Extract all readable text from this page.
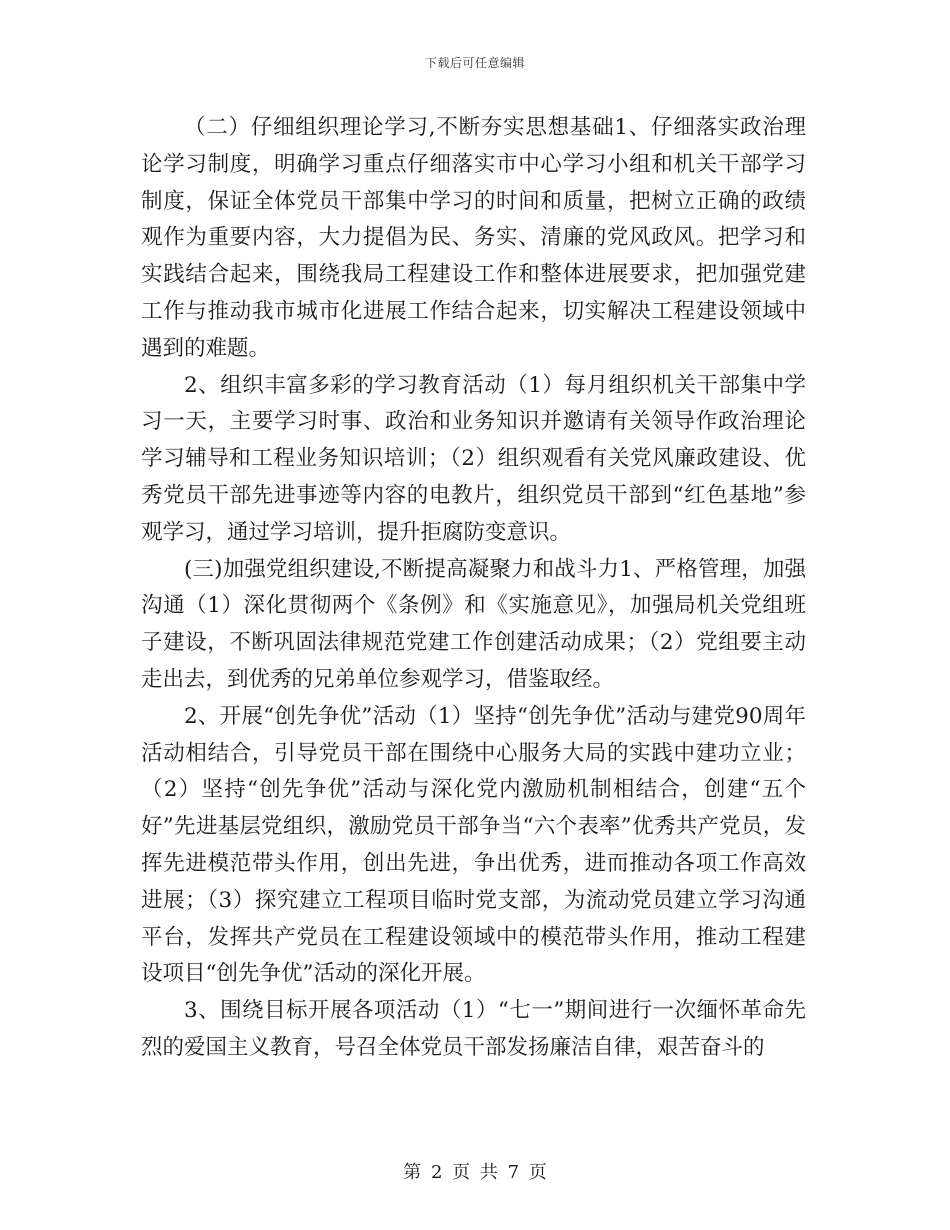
下载后可任意编辑

（二）仔细组织理论学习,不断夯实思想基础1、仔细落实政治理论学习制度，明确学习重点仔细落实市中心学习小组和机关干部学习制度，保证全体党员干部集中学习的时间和质量，把树立正确的政绩观作为重要内容，大力提倡为民、务实、清廉的党风政风。把学习和实践结合起来，围绕我局工程建设工作和整体进展要求，把加强党建工作与推动我市城市化进展工作结合起来，切实解决工程建设领域中遇到的难题。

2、组织丰富多彩的学习教育活动（1）每月组织机关干部集中学习一天，主要学习时事、政治和业务知识并邀请有关领导作政治理论学习辅导和工程业务知识培训；（2）组织观看有关党风廉政建设、优秀党员干部先进事迹等内容的电教片，组织党员干部到“红色基地”参观学习，通过学习培训，提升拒腐防变意识。

(三)加强党组织建设,不断提高凝聚力和战斗力1、严格管理，加强沟通（1）深化贯彻两个《条例》和《实施意见》，加强局机关党组班子建设，不断巩固法律规范党建工作创建活动成果；（2）党组要主动走出去，到优秀的兄弟单位参观学习，借鉴取经。

2、开展“创先争优”活动（1）坚持“创先争优”活动与建党90周年活动相结合，引导党员干部在围绕中心服务大局的实践中建功立业；（2）坚持“创先争优”活动与深化党内激励机制相结合，创建“五个好”先进基层党组织，激励党员干部争当“六个表率”优秀共产党员，发挥先进模范带头作用，创出先进，争出优秀，进而推动各项工作高效进展；（3）探究建立工程项目临时党支部，为流动党员建立学习沟通平台，发挥共产党员在工程建设领域中的模范带头作用，推动工程建设项目“创先争优”活动的深化开展。

3、围绕目标开展各项活动（1）“七一”期间进行一次缅怀革命先烈的爱国主义教育，号召全体党员干部发扬廉洁自律，艰苦奋斗的

第 2 页 共 7 页
